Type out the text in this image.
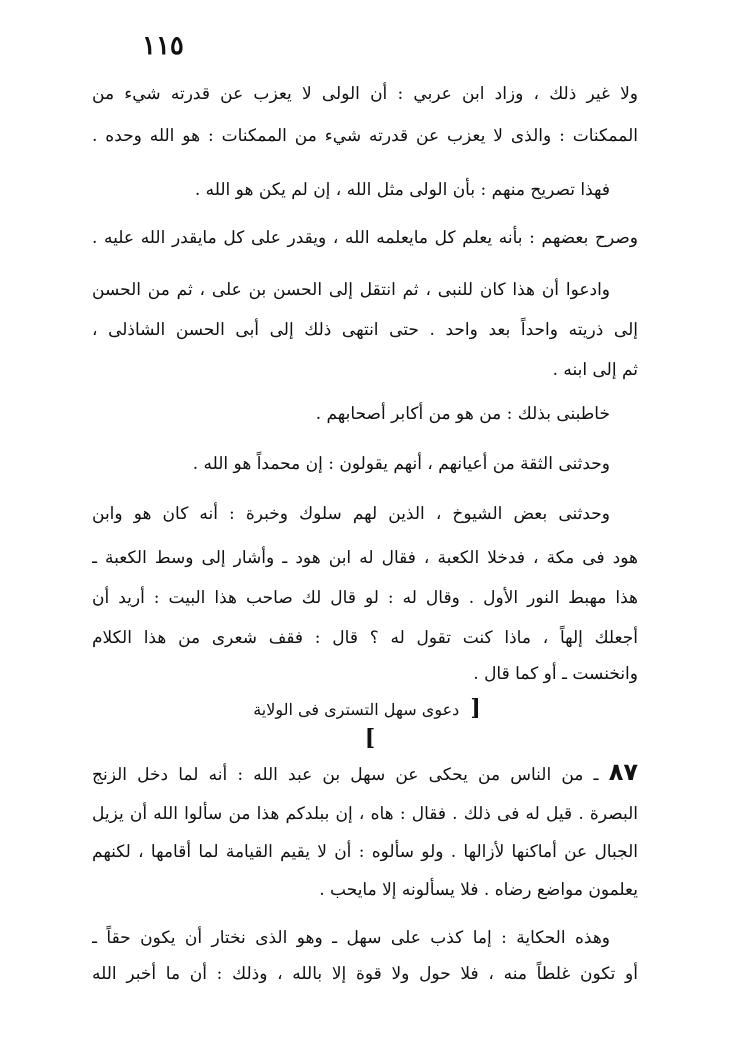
١١٥
ولا غير ذلك ، وزاد ابن عربي : أن الولى لا يعزب عن قدرته شيء من
الممكنات : والذى لا يعزب عن قدرته شيء من الممكنات : هو الله وحده .
فهذا تصريح منهم : بأن الولى مثل الله ، إن لم يكن هو الله .
وصرح بعضهم : بأنه يعلم كل مايعلمه الله ، ويقدر على كل مايقدر الله عليه .
وادعوا أن هذا كان للنبى ، ثم انتقل إلى الحسن بن على ، ثم من الحسن
إلى ذريته واحداً بعد واحد . حتى انتهى ذلك إلى أبى الحسن الشاذلى ،
ثم إلى ابنه .
خاطبنى بذلك : من هو من أكابر أصحابهم .
وحدثنى الثقة من أعيانهم ، أنهم يقولون : إن محمداً هو الله .
وحدثنى بعض الشيوخ ، الذين لهم سلوك وخبرة : أنه كان هو وابن
هود فى مكة ، فدخلا الكعبة ، فقال له ابن هود ـ وأشار إلى وسط الكعبة ـ
هذا مهبط النور الأول . وقال له : لو قال لك صاحب هذا البيت : أريد أن
أجعلك إلهاً ، ماذا كنت تقول له ؟ قال : فقف شعرى من هذا الكلام
وانخنست ـ أو كما قال .
[ دعوى سهل التسترى فى الولاية ]
٨٧ ـ من الناس من يحكى عن سهل بن عبد الله : أنه لما دخل الزنج
البصرة . قيل له فى ذلك . فقال : هاه ، إن ببلدكم هذا من سألوا الله أن يزيل
الجبال عن أماكنها لأزالها . ولو سألوه : أن لا يقيم القيامة لما أقامها ، لكنهم
يعلمون مواضع رضاه . فلا يسألونه إلا مايحب .
وهذه الحكاية : إما كذب على سهل ـ وهو الذى نختار أن يكون حقاً ـ
أو تكون غلطاً منه ، فلا حول ولا قوة إلا بالله ، وذلك : أن ما أخبر الله
